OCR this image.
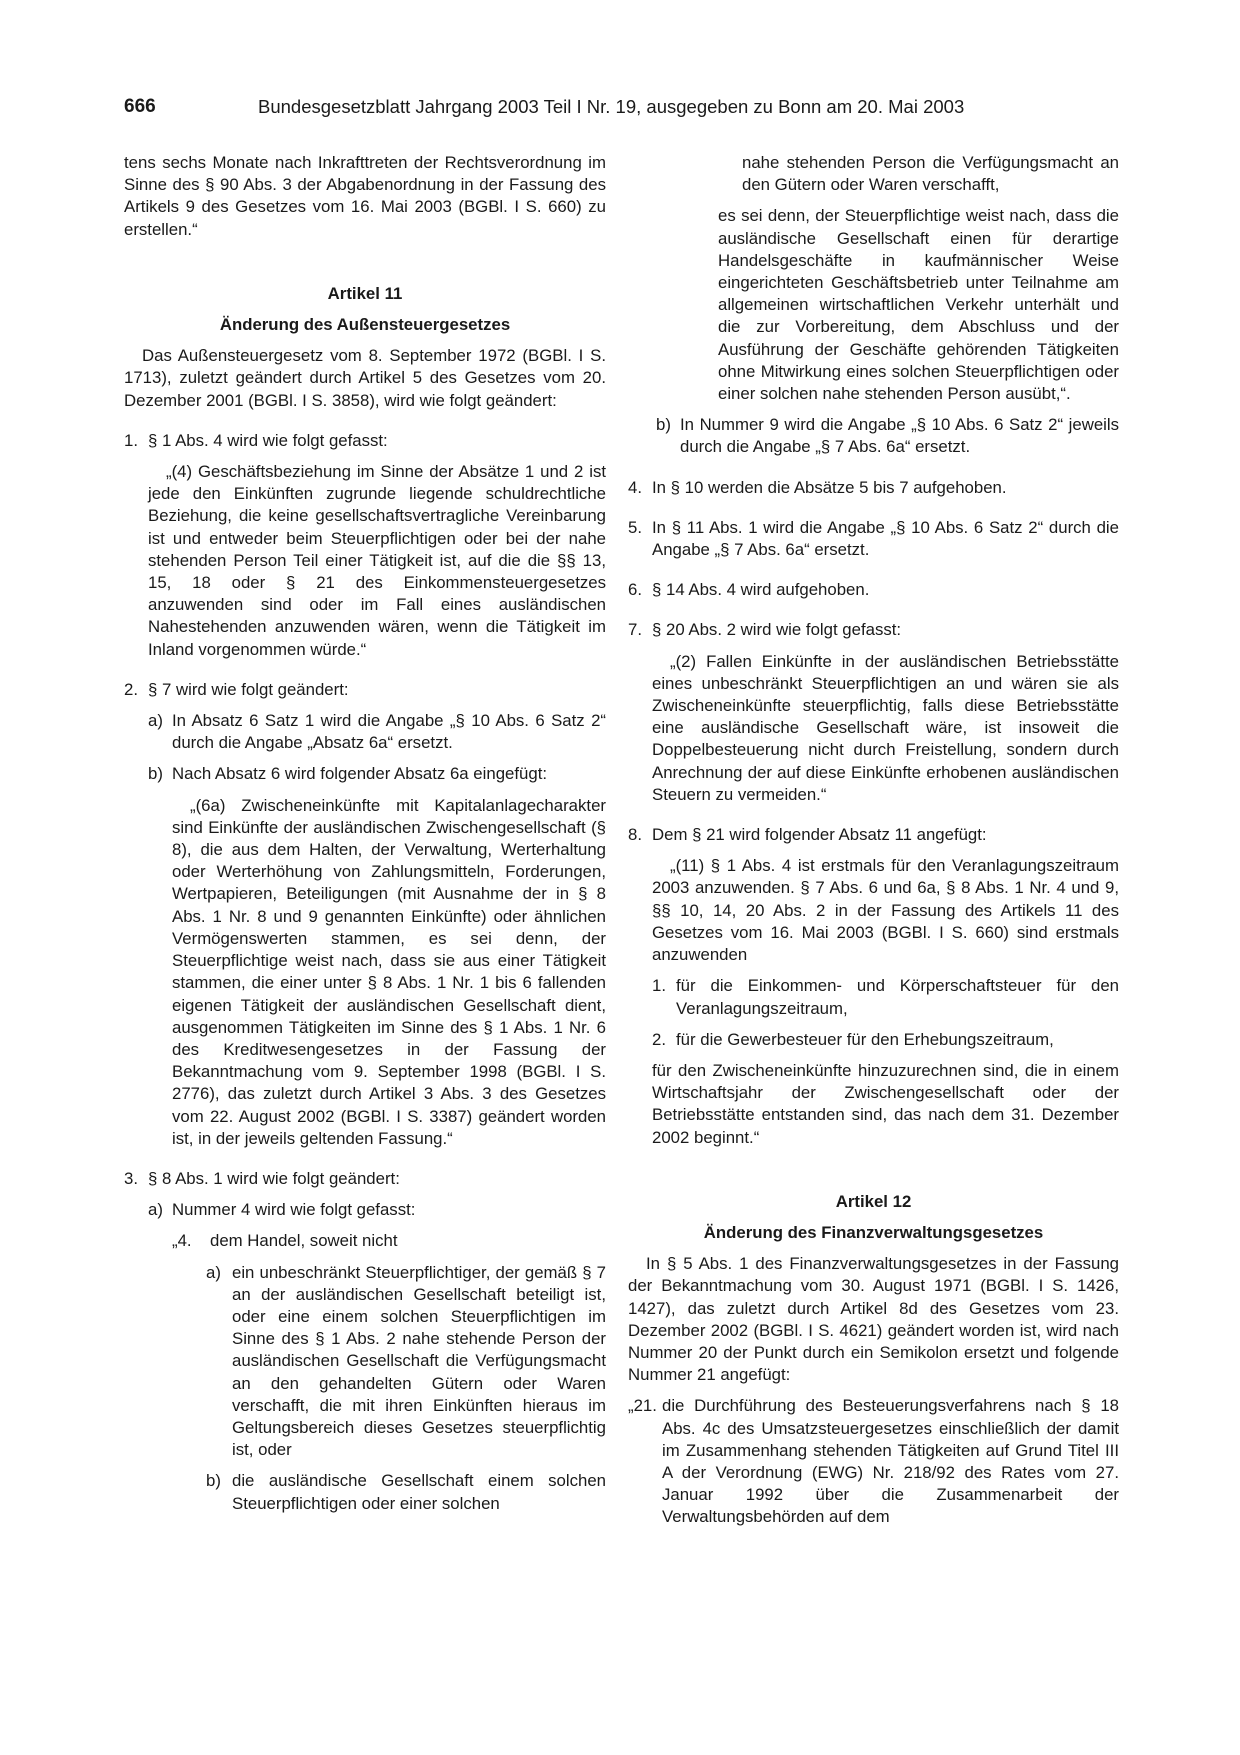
666	Bundesgesetzblatt Jahrgang 2003 Teil I Nr. 19, ausgegeben zu Bonn am 20. Mai 2003

tens sechs Monate nach Inkrafttreten der Rechtsverordnung im Sinne des § 90 Abs. 3 der Abgabenordnung in der Fassung des Artikels 9 des Gesetzes vom 16. Mai 2003 (BGBl. I S. 660) zu erstellen.“

Artikel 11

Änderung des Außensteuergesetzes

Das Außensteuergesetz vom 8. September 1972 (BGBl. I S. 1713), zuletzt geändert durch Artikel 5 des Gesetzes vom 20. Dezember 2001 (BGBl. I S. 3858), wird wie folgt geändert:

1. § 1 Abs. 4 wird wie folgt gefasst:

„(4) Geschäftsbeziehung im Sinne der Absätze 1 und 2 ist jede den Einkünften zugrunde liegende schuldrechtliche Beziehung, die keine gesellschaftsvertragliche Vereinbarung ist und entweder beim Steuerpflichtigen oder bei der nahe stehenden Person Teil einer Tätigkeit ist, auf die die §§ 13, 15, 18 oder § 21 des Einkommensteuergesetzes anzuwenden sind oder im Fall eines ausländischen Nahestehenden anzuwenden wären, wenn die Tätigkeit im Inland vorgenommen würde.“

2. § 7 wird wie folgt geändert:

a) In Absatz 6 Satz 1 wird die Angabe „§ 10 Abs. 6 Satz 2“ durch die Angabe „Absatz 6a“ ersetzt.

b) Nach Absatz 6 wird folgender Absatz 6a eingefügt:

„(6a) Zwischeneinkünfte mit Kapitalanlagecharakter sind Einkünfte der ausländischen Zwischengesellschaft (§ 8), die aus dem Halten, der Verwaltung, Werterhaltung oder Werterhöhung von Zahlungsmitteln, Forderungen, Wertpapieren, Beteiligungen (mit Ausnahme der in § 8 Abs. 1 Nr. 8 und 9 genannten Einkünfte) oder ähnlichen Vermögenswerten stammen, es sei denn, der Steuerpflichtige weist nach, dass sie aus einer Tätigkeit stammen, die einer unter § 8 Abs. 1 Nr. 1 bis 6 fallenden eigenen Tätigkeit der ausländischen Gesellschaft dient, ausgenommen Tätigkeiten im Sinne des § 1 Abs. 1 Nr. 6 des Kreditwesengesetzes in der Fassung der Bekanntmachung vom 9. September 1998 (BGBl. I S. 2776), das zuletzt durch Artikel 3 Abs. 3 des Gesetzes vom 22. August 2002 (BGBl. I S. 3387) geändert worden ist, in der jeweils geltenden Fassung.“

3. § 8 Abs. 1 wird wie folgt geändert:

a) Nummer 4 wird wie folgt gefasst:

„4. dem Handel, soweit nicht

a) ein unbeschränkt Steuerpflichtiger, der gemäß § 7 an der ausländischen Gesellschaft beteiligt ist, oder eine einem solchen Steuerpflichtigen im Sinne des § 1 Abs. 2 nahe stehende Person der ausländischen Gesellschaft die Verfügungsmacht an den gehandelten Gütern oder Waren verschafft, die mit ihren Einkünften hieraus im Geltungsbereich dieses Gesetzes steuerpflichtig ist, oder

b) die ausländische Gesellschaft einem solchen Steuerpflichtigen oder einer solchen

nahe stehenden Person die Verfügungsmacht an den Gütern oder Waren verschafft,

es sei denn, der Steuerpflichtige weist nach, dass die ausländische Gesellschaft einen für derartige Handelsgeschäfte in kaufmännischer Weise eingerichteten Geschäftsbetrieb unter Teilnahme am allgemeinen wirtschaftlichen Verkehr unterhält und die zur Vorbereitung, dem Abschluss und der Ausführung der Geschäfte gehörenden Tätigkeiten ohne Mitwirkung eines solchen Steuerpflichtigen oder einer solchen nahe stehenden Person ausübt,“.

b) In Nummer 9 wird die Angabe „§ 10 Abs. 6 Satz 2“ jeweils durch die Angabe „§ 7 Abs. 6a“ ersetzt.

4. In § 10 werden die Absätze 5 bis 7 aufgehoben.

5. In § 11 Abs. 1 wird die Angabe „§ 10 Abs. 6 Satz 2“ durch die Angabe „§ 7 Abs. 6a“ ersetzt.

6. § 14 Abs. 4 wird aufgehoben.

7. § 20 Abs. 2 wird wie folgt gefasst:

„(2) Fallen Einkünfte in der ausländischen Betriebsstätte eines unbeschränkt Steuerpflichtigen an und wären sie als Zwischeneinkünfte steuerpflichtig, falls diese Betriebsstätte eine ausländische Gesellschaft wäre, ist insoweit die Doppelbesteuerung nicht durch Freistellung, sondern durch Anrechnung der auf diese Einkünfte erhobenen ausländischen Steuern zu vermeiden.“

8. Dem § 21 wird folgender Absatz 11 angefügt:

„(11) § 1 Abs. 4 ist erstmals für den Veranlagungszeitraum 2003 anzuwenden. § 7 Abs. 6 und 6a, § 8 Abs. 1 Nr. 4 und 9, §§ 10, 14, 20 Abs. 2 in der Fassung des Artikels 11 des Gesetzes vom 16. Mai 2003 (BGBl. I S. 660) sind erstmals anzuwenden

1. für die Einkommen- und Körperschaftsteuer für den Veranlagungszeitraum,

2. für die Gewerbesteuer für den Erhebungszeitraum,

für den Zwischeneinkünfte hinzuzurechnen sind, die in einem Wirtschaftsjahr der Zwischengesellschaft oder der Betriebsstätte entstanden sind, das nach dem 31. Dezember 2002 beginnt.“

Artikel 12

Änderung des Finanzverwaltungsgesetzes

In § 5 Abs. 1 des Finanzverwaltungsgesetzes in der Fassung der Bekanntmachung vom 30. August 1971 (BGBl. I S. 1426, 1427), das zuletzt durch Artikel 8d des Gesetzes vom 23. Dezember 2002 (BGBl. I S. 4621) geändert worden ist, wird nach Nummer 20 der Punkt durch ein Semikolon ersetzt und folgende Nummer 21 angefügt:

„21. die Durchführung des Besteuerungsverfahrens nach § 18 Abs. 4c des Umsatzsteuergesetzes einschließlich der damit im Zusammenhang stehenden Tätigkeiten auf Grund Titel III A der Verordnung (EWG) Nr. 218/92 des Rates vom 27. Januar 1992 über die Zusammenarbeit der Verwaltungsbehörden auf dem
